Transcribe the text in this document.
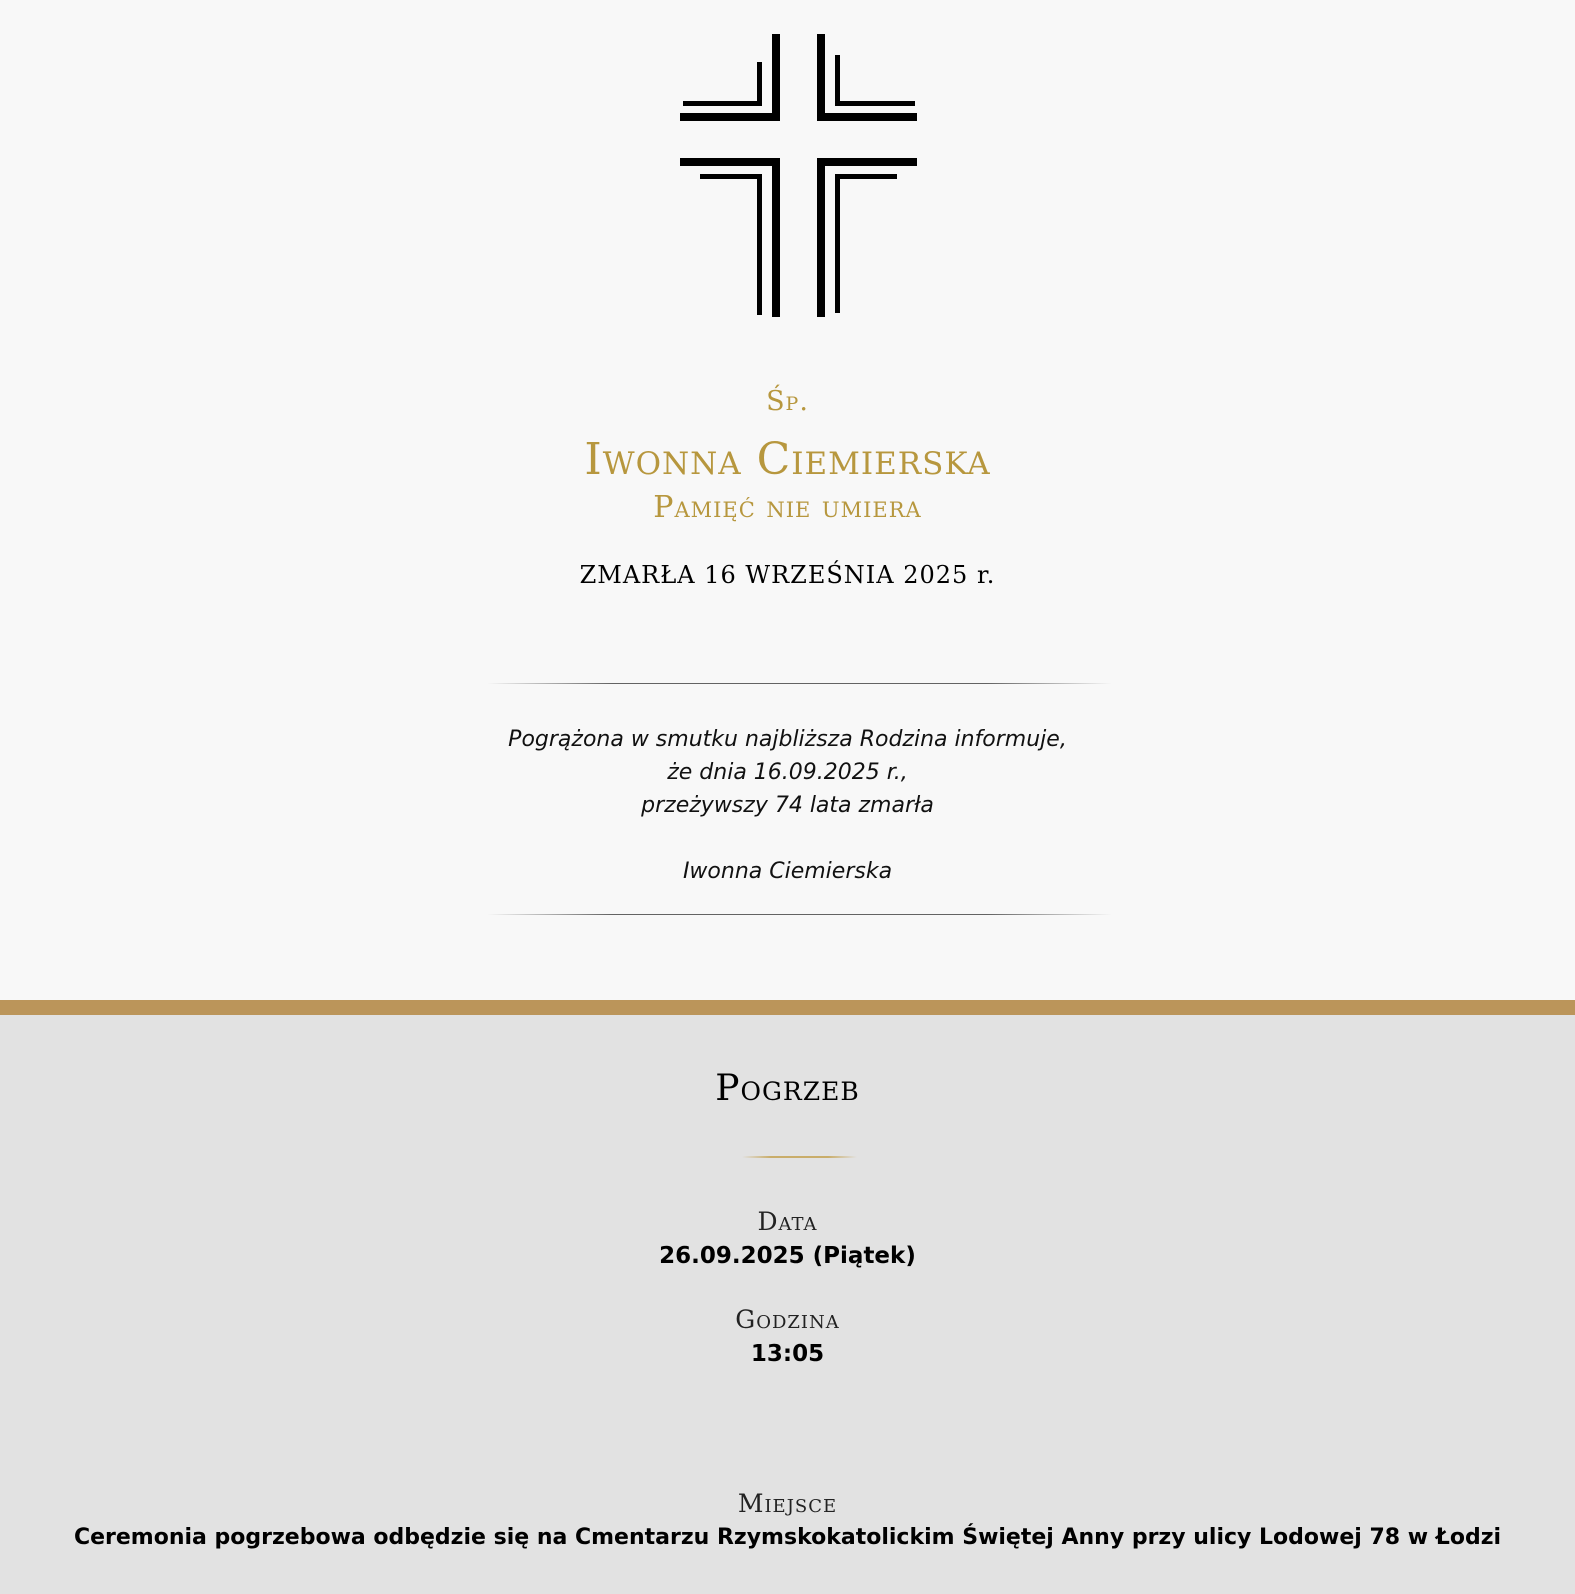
Śp.
Iwonna Ciemierska
Pamięć nie umiera
ZMARŁA 16 WRZEŚNIA 2025 r.

Pogrążona w smutku najbliższa Rodzina informuje,

że dnia 16.09.2025 r.,

przeżywszy 74 lata zmarła

Iwonna Ciemierska

Pogrzeb
Data
26.09.2025 (Piątek)
Godzina
13:05
Miejsce
Ceremonia pogrzebowa odbędzie się na Cmentarzu Rzymskokatolickim Świętej Anny przy ulicy Lodowej 78 w Łodzi
